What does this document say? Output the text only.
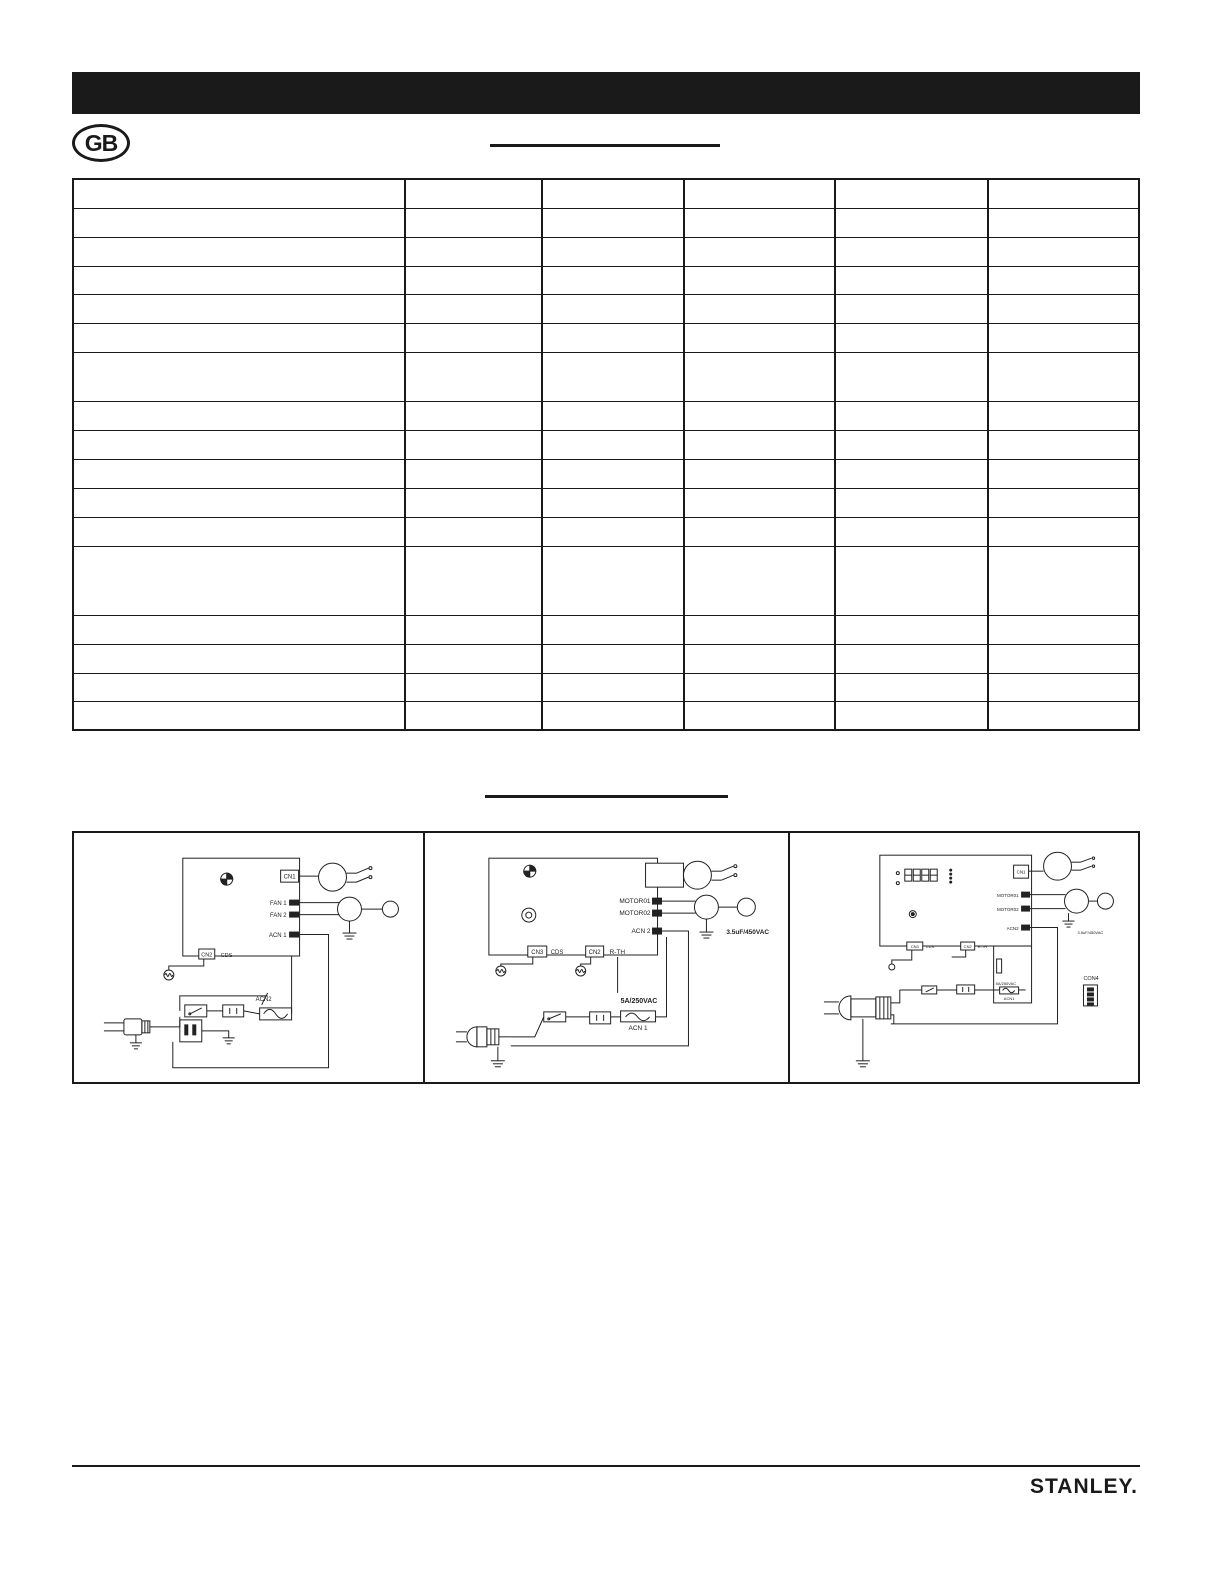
GB
CN1
FAN 1
FAN 2
ACN 1
CN2 CDS
ACN2
MOTOR01
MOTOR02
ACN 2	3.5uF/450VAC
CN3 CDS	CN2 R-TH
5A/250VAC
ACN 1
CN1
MOTOR01
MOTOR02
ACN2
3.5uF/450VAC
CN3 CDS	CN2 R-TH
5A/250VAC
ACN1
CON4
STANLEY.
